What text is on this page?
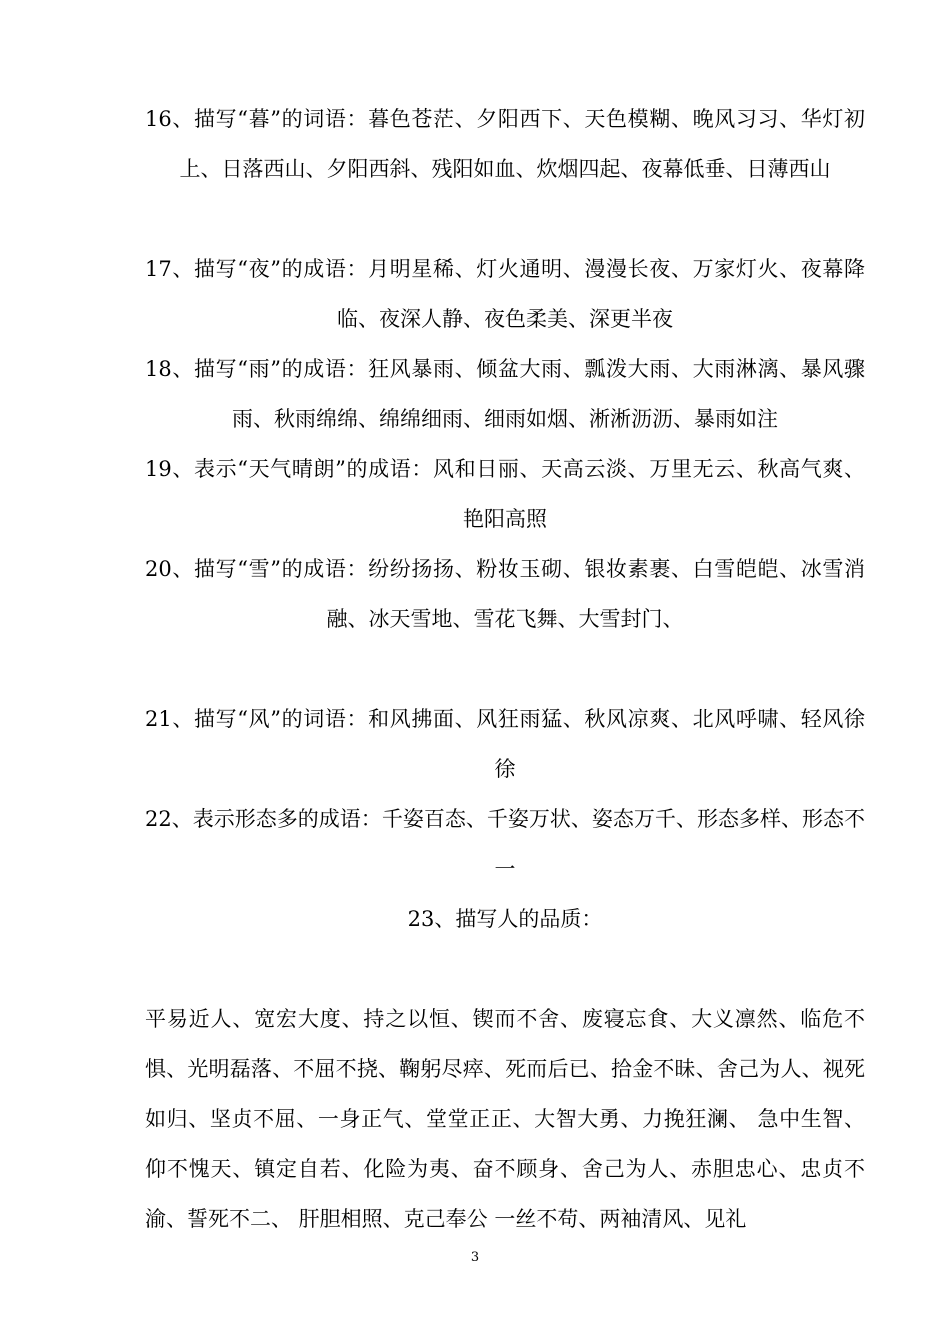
16、描写“暮”的词语：暮色苍茫、夕阳西下、天色模糊、晚风习习、华灯初上、日落西山、夕阳西斜、残阳如血、炊烟四起、夜幕低垂、日薄西山

17、描写“夜”的成语：月明星稀、灯火通明、漫漫长夜、万家灯火、夜幕降临、夜深人静、夜色柔美、深更半夜

18、描写“雨”的成语：狂风暴雨、倾盆大雨、瓢泼大雨、大雨淋漓、暴风骤雨、秋雨绵绵、绵绵细雨、细雨如烟、淅淅沥沥、暴雨如注

19、表示“天气晴朗”的成语：风和日丽、天高云淡、万里无云、秋高气爽、艳阳高照

20、描写“雪”的成语：纷纷扬扬、粉妆玉砌、银妆素裹、白雪皑皑、冰雪消融、冰天雪地、雪花飞舞、大雪封门、

21、描写“风”的词语：和风拂面、风狂雨猛、秋风凉爽、北风呼啸、轻风徐徐

22、表示形态多的成语：千姿百态、千姿万状、姿态万千、形态多样、形态不一

23、描写人的品质：

平易近人、宽宏大度、持之以恒、锲而不舍、废寝忘食、大义凛然、临危不惧、光明磊落、不屈不挠、鞠躬尽瘁、死而后已、拾金不昧、舍己为人、视死如归、坚贞不屈、一身正气、堂堂正正、大智大勇、力挽狂澜、 急中生智、仰不愧天、镇定自若、化险为夷、奋不顾身、舍己为人、赤胆忠心、忠贞不渝、誓死不二、 肝胆相照、克己奉公 一丝不苟、两袖清风、见礼

3
